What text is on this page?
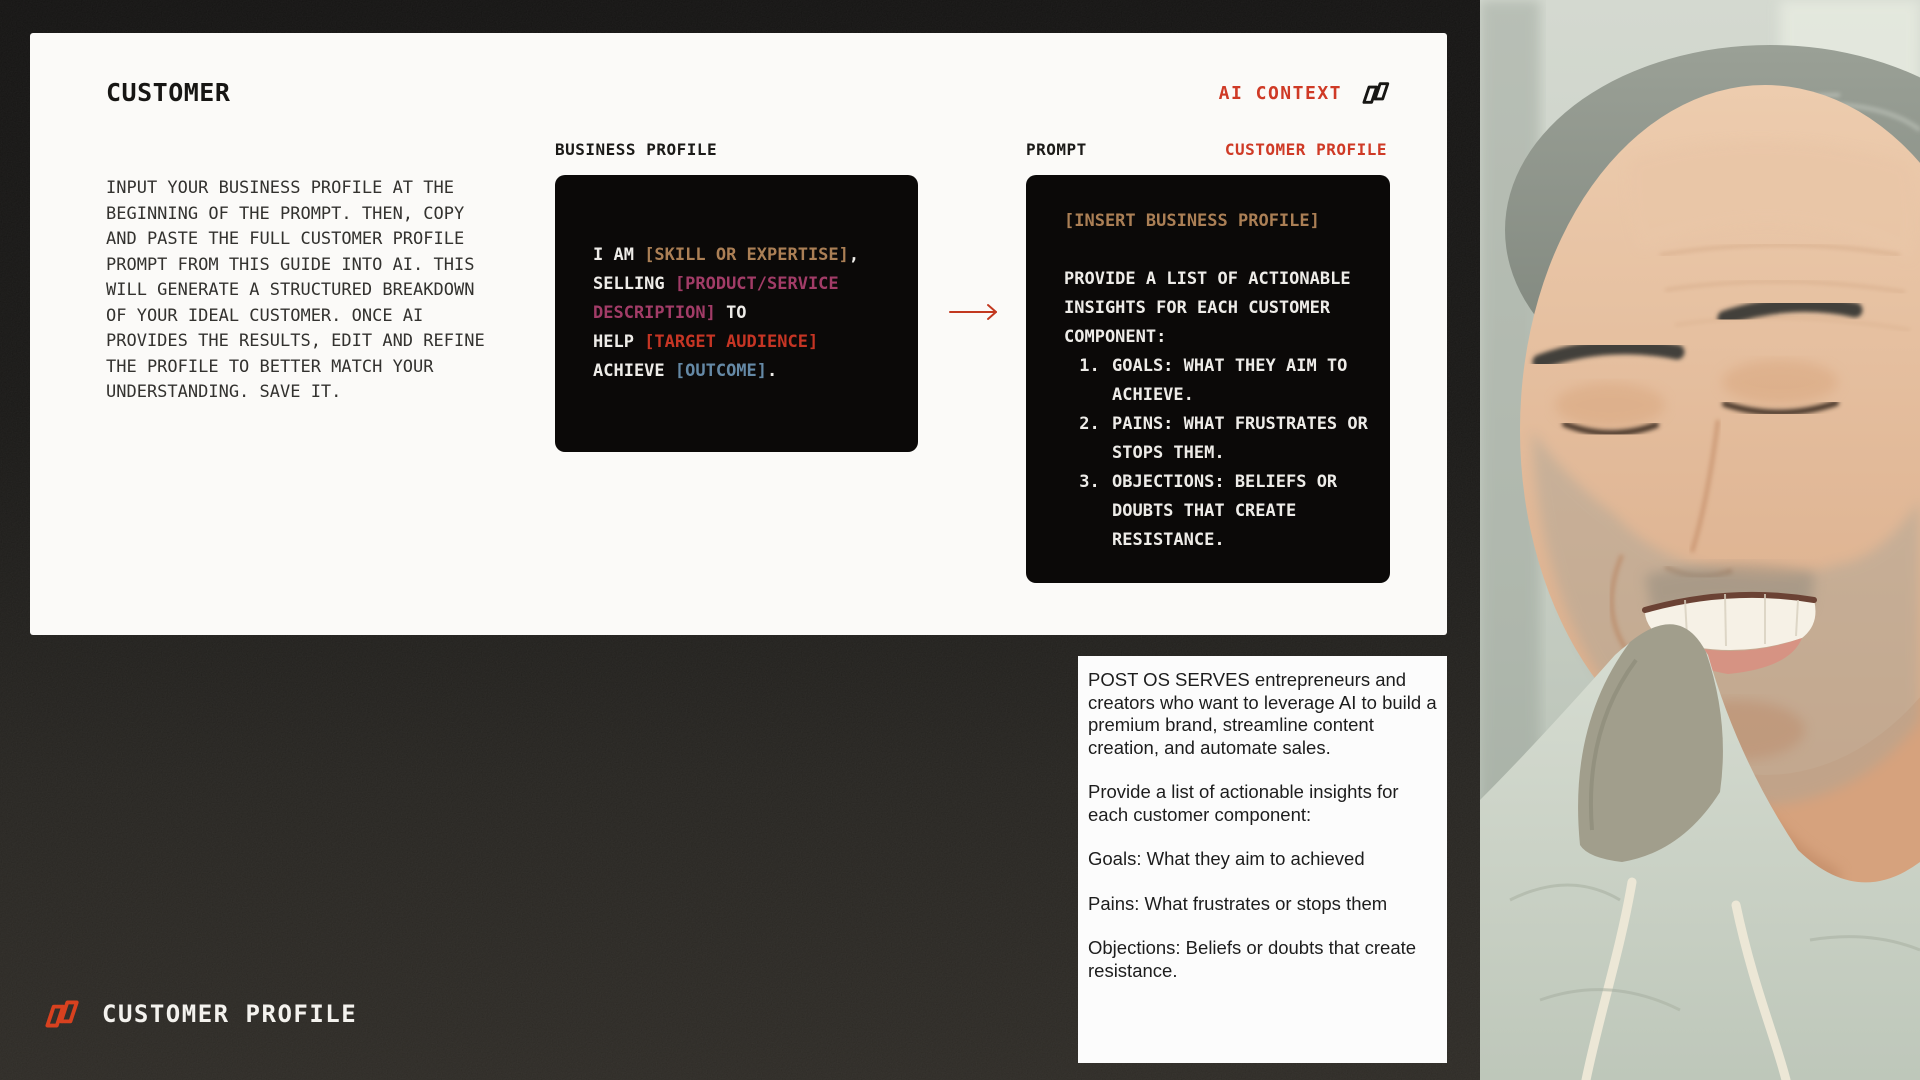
CUSTOMER	AI CONTEXT
INPUT YOUR BUSINESS PROFILE AT THE BEGINNING OF THE PROMPT. THEN, COPY AND PASTE THE FULL CUSTOMER PROFILE PROMPT FROM THIS GUIDE INTO AI. THIS WILL GENERATE A STRUCTURED BREAKDOWN OF YOUR IDEAL CUSTOMER. ONCE AI PROVIDES THE RESULTS, EDIT AND REFINE THE PROFILE TO BETTER MATCH YOUR UNDERSTANDING. SAVE IT.
BUSINESS PROFILE
I AM [SKILL OR EXPERTISE],
SELLING [PRODUCT/SERVICE
DESCRIPTION] TO
HELP [TARGET AUDIENCE]
ACHIEVE [OUTCOME].
PROMPT	CUSTOMER PROFILE
[INSERT BUSINESS PROFILE]
PROVIDE A LIST OF ACTIONABLE INSIGHTS FOR EACH CUSTOMER COMPONENT:
1. GOALS: WHAT THEY AIM TO ACHIEVE.
2. PAINS: WHAT FRUSTRATES OR STOPS THEM.
3. OBJECTIONS: BELIEFS OR DOUBTS THAT CREATE RESISTANCE.

POST OS SERVES entrepreneurs and creators who want to leverage AI to build a premium brand, streamline content creation, and automate sales.

Provide a list of actionable insights for each customer component:

Goals: What they aim to achieved

Pains: What frustrates or stops them

Objections: Beliefs or doubts that create resistance.

CUSTOMER PROFILE
